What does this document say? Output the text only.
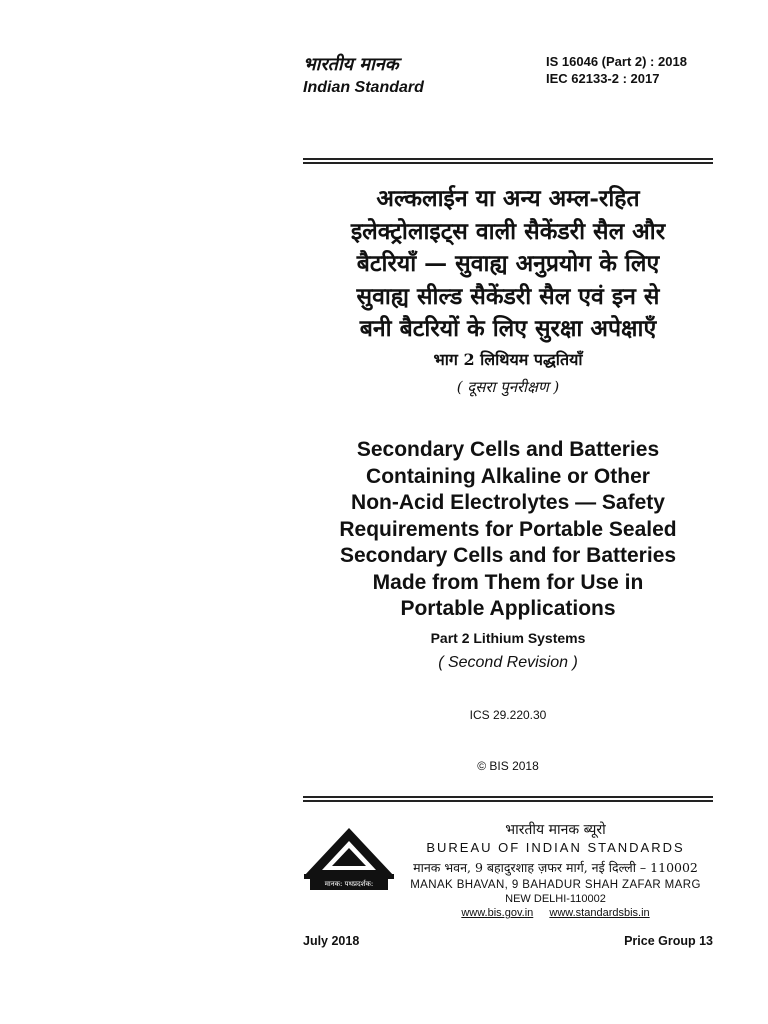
भारतीय मानक
Indian Standard
IS 16046 (Part 2) : 2018
IEC 62133-2 : 2017
अल्कलाईन या अन्य अम्ल-रहित
इलेक्ट्रोलाइट्स वाली सैकेंडरी सैल और
बैटरियाँ — सुवाह्य अनुप्रयोग के लिए
सुवाह्य सील्ड सैकेंडरी सैल एवं इन से
बनी बैटरियों के लिए सुरक्षा अपेक्षाएँ
भाग 2 लिथियम पद्धतियाँ
( दूसरा पुनरीक्षण )
Secondary Cells and Batteries
Containing Alkaline or Other
Non-Acid Electrolytes — Safety
Requirements for Portable Sealed
Secondary Cells and for Batteries
Made from Them for Use in
Portable Applications
Part 2 Lithium Systems
( Second Revision )
ICS 29.220.30
© BIS 2018
मानक: पथप्रदर्शक:
भारतीय मानक ब्यूरो
BUREAU OF INDIAN STANDARDS
मानक भवन, 9 बहादुरशाह ज़फर मार्ग, नई दिल्ली – 110002
MANAK BHAVAN, 9 BAHADUR SHAH ZAFAR MARG
NEW DELHI-110002
www.bis.gov.in www.standardsbis.in
July 2018	Price Group 13
